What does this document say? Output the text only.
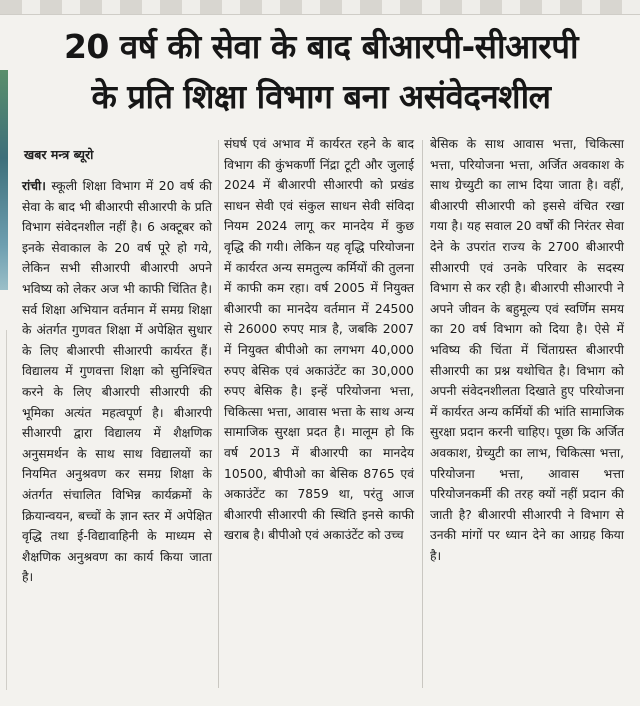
20 वर्ष की सेवा के बाद बीआरपी-सीआरपी
के प्रति शिक्षा विभाग बना असंवेदनशील

खबर मन्त्र ब्यूरो

रांची। स्कूली शिक्षा विभाग में 20 वर्ष की सेवा के बाद भी बीआरपी सीआरपी के प्रति विभाग संवेदनशील नहीं है। 6 अक्टूबर को इनके सेवाकाल के 20 वर्ष पूरे हो गये, लेकिन सभी सीआरपी बीआरपी अपने भविष्य को लेकर अज भी काफी चिंतित है। सर्व शिक्षा अभियान वर्तमान में समग्र शिक्षा के अंतर्गत गुणवत शिक्षा में अपेक्षित सुधार के लिए बीआरपी सीआरपी कार्यरत हैं। विद्यालय में गुणवत्ता शिक्षा को सुनिश्चित करने के लिए बीआरपी सीआरपी की भूमिका अत्यंत महत्वपूर्ण है। बीआरपी सीआरपी द्वारा विद्यालय में शैक्षणिक अनुसमर्थन के साथ साथ विद्यालयों का नियमित अनुश्रवण कर समग्र शिक्षा के अंतर्गत संचालित विभिन्न कार्यक्रमों के क्रियान्वयन, बच्चों के ज्ञान स्तर में अपेक्षित वृद्धि तथा ई-विद्यावाहिनी के माध्यम से शैक्षणिक अनुश्रवण का कार्य किया जाता है।

संघर्ष एवं अभाव में कार्यरत रहने के बाद विभाग की कुंभकर्णी निंद्रा टूटी और जुलाई 2024 में बीआरपी सीआरपी को प्रखंड साधन सेवी एवं संकुल साधन सेवी संविदा नियम 2024 लागू कर मानदेय में कुछ वृद्धि की गयी। लेकिन यह वृद्धि परियोजना में कार्यरत अन्य समतुल्य कर्मियों की तुलना में काफी कम रहा। वर्ष 2005 में नियुक्त बीआरपी का मानदेय वर्तमान में 24500 से 26000 रुपए मात्र है, जबकि 2007 में नियुक्त बीपीओ का लगभग 40,000 रुपए बेसिक एवं अकाउंटेंट का 30,000 रुपए बेसिक है। इन्हें परियोजना भत्ता, चिकित्सा भत्ता, आवास भत्ता के साथ अन्य सामाजिक सुरक्षा प्रदत है। मालूम हो कि वर्ष 2013 में बीआरपी का मानदेय 10500, बीपीओ का बेसिक 8765 एवं अकाउंटेंट का 7859 था, परंतु आज बीआरपी सीआरपी की स्थिति इनसे काफी खराब है। बीपीओ एवं अकाउंटेंट को उच्च

बेसिक के साथ आवास भत्ता, चिकित्सा भत्ता, परियोजना भत्ता, अर्जित अवकाश के साथ ग्रेच्युटी का लाभ दिया जाता है। वहीं, बीआरपी सीआरपी को इससे वंचित रखा गया है। यह सवाल 20 वर्षों की निरंतर सेवा देने के उपरांत राज्य के 2700 बीआरपी सीआरपी एवं उनके परिवार के सदस्य विभाग से कर रही है। बीआरपी सीआरपी ने अपने जीवन के बहुमूल्य एवं स्वर्णिम समय का 20 वर्ष विभाग को दिया है। ऐसे में भविष्य की चिंता में चिंताग्रस्त बीआरपी सीआरपी का प्रश्न यथोचित है। विभाग को अपनी संवेदनशीलता दिखाते हुए परियोजना में कार्यरत अन्य कर्मियों की भांति सामाजिक सुरक्षा प्रदान करनी चाहिए। पूछा कि अर्जित अवकाश, ग्रेच्युटी का लाभ, चिकित्सा भत्ता, परियोजना भत्ता, आवास भत्ता परियोजनकर्मी की तरह क्यों नहीं प्रदान की जाती है? बीआरपी सीआरपी ने विभाग से उनकी मांगों पर ध्यान देने का आग्रह किया है।
